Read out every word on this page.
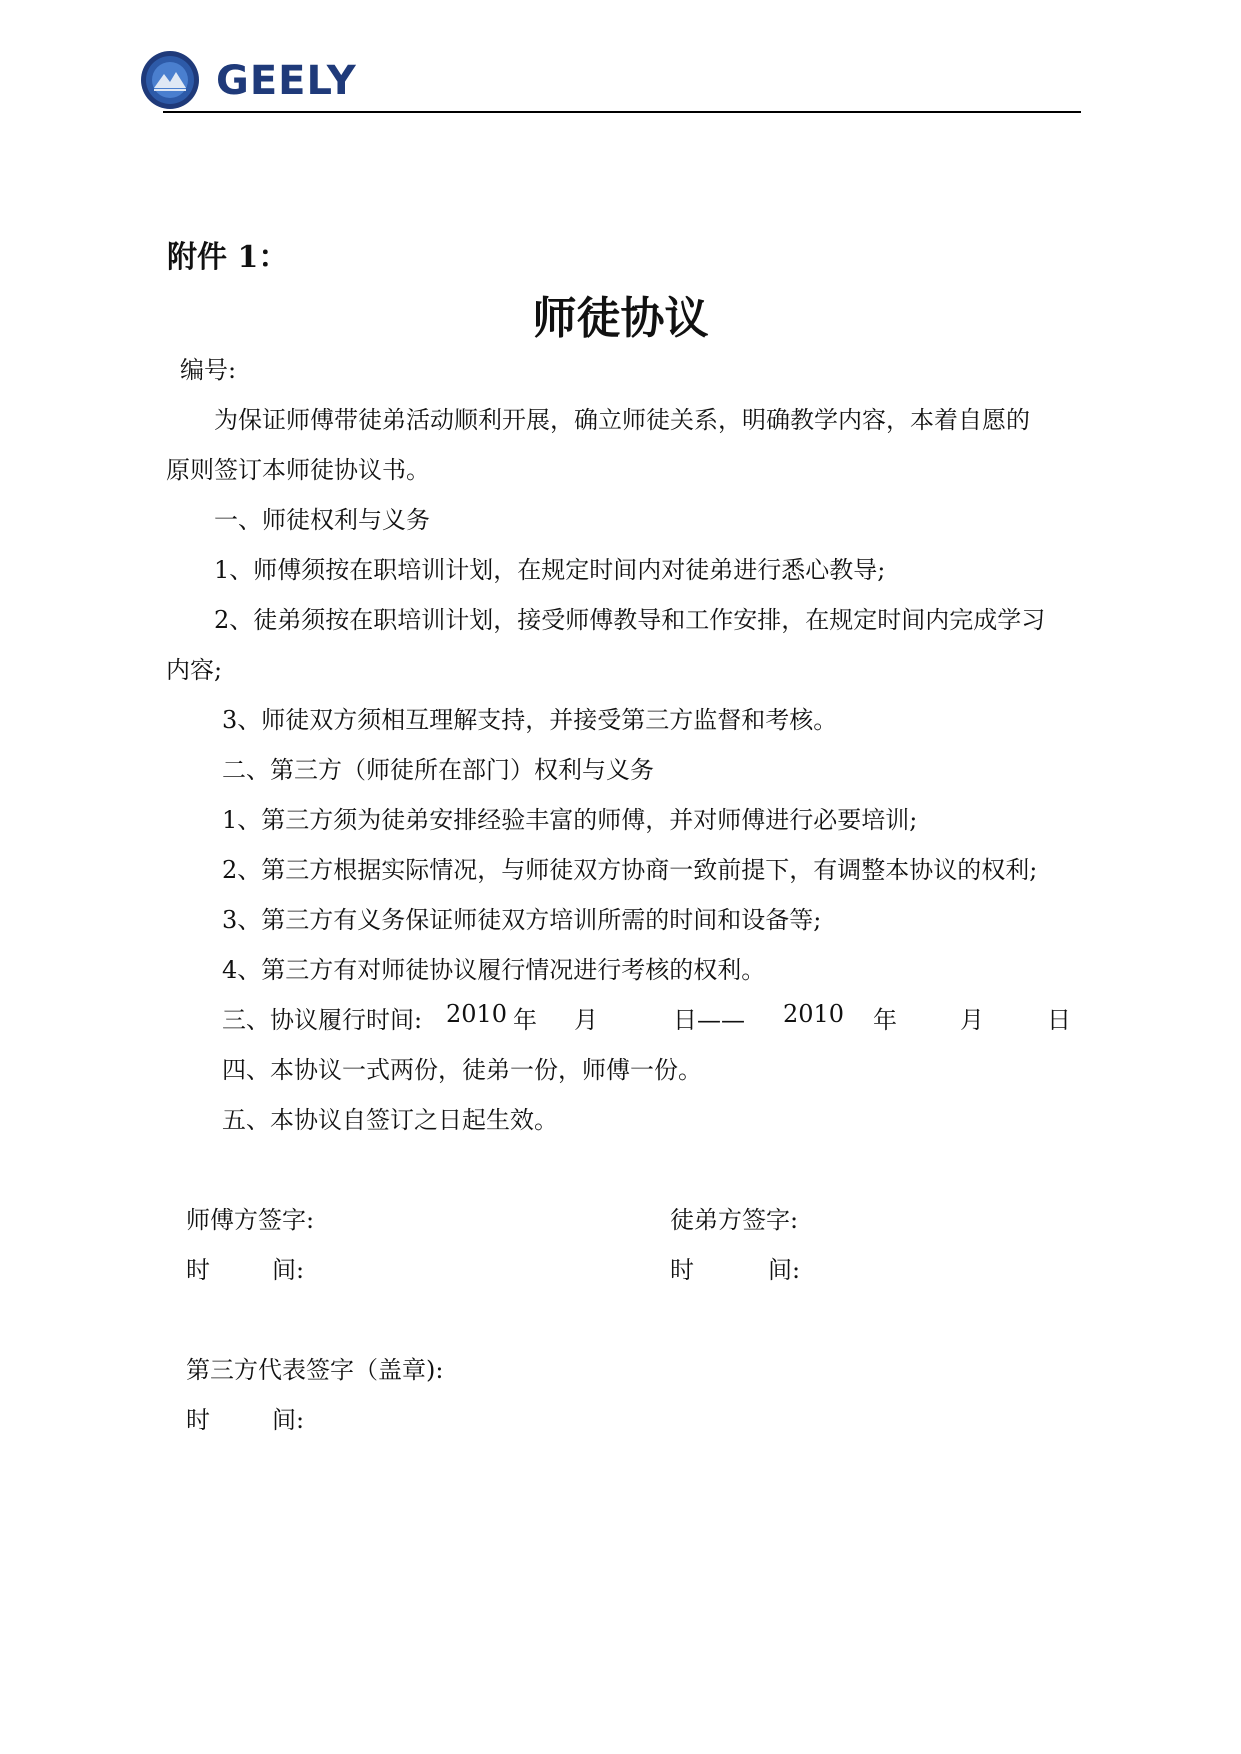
GEELY
附件 1：
师徒协议
编号:
为保证师傅带徒弟活动顺利开展，确立师徒关系，明确教学内容，本着自愿的
原则签订本师徒协议书。
一、师徒权利与义务
1、师傅须按在职培训计划，在规定时间内对徒弟进行悉心教导;
2、徒弟须按在职培训计划，接受师傅教导和工作安排，在规定时间内完成学习
内容;
3、师徒双方须相互理解支持，并接受第三方监督和考核。
二、第三方（师徒所在部门）权利与义务
1、第三方须为徒弟安排经验丰富的师傅，并对师傅进行必要培训;
2、第三方根据实际情况，与师徒双方协商一致前提下，有调整本协议的权利;
3、第三方有义务保证师徒双方培训所需的时间和设备等;
4、第三方有对师徒协议履行情况进行考核的权利。
三、协议履行时间: 2010 年 月	日—— 2010 年	月	日
四、本协议一式两份，徒弟一份，师傅一份。
五、本协议自签订之日起生效。
师傅方签字:	徒弟方签字:
时	间:	时	间:
第三方代表签字（盖章):
时	间:
